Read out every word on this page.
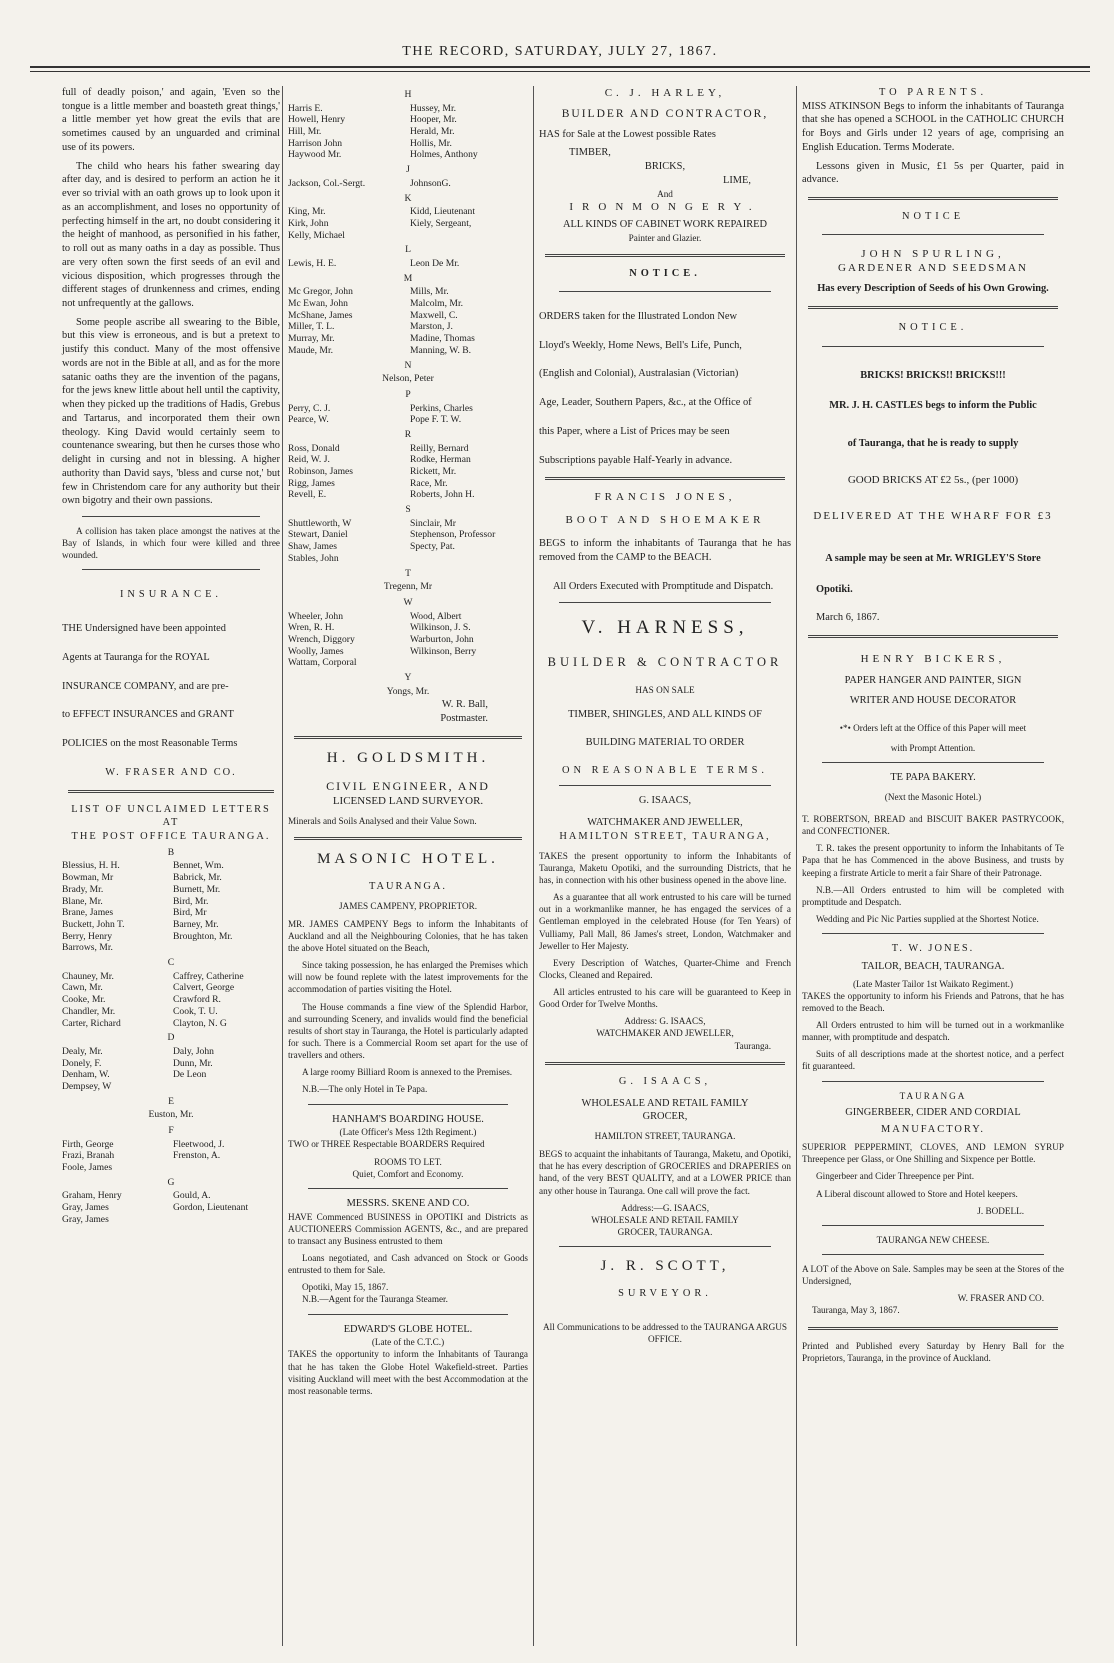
THE RECORD, SATURDAY, JULY 27, 1867.

full of deadly poison,' and again, 'Even so the tongue is a little member and boasteth great things,' a little member yet how great the evils that are sometimes caused by an unguarded and criminal use of its powers.

The child who hears his father swearing day after day, and is desired to perform an action he it ever so trivial with an oath grows up to look upon it as an accomplishment, and loses no opportunity of perfecting himself in the art, no doubt considering it the height of manhood, as personified in his father, to roll out as many oaths in a day as possible. Thus are very often sown the first seeds of an evil and vicious disposition, which progresses through the different stages of drunkenness and crimes, ending not unfrequently at the gallows.

Some people ascribe all swearing to the Bible, but this view is erroneous, and is but a pretext to justify this conduct. Many of the most offensive words are not in the Bible at all, and as for the more satanic oaths they are the invention of the pagans, for the jews knew little about hell until the captivity, when they picked up the traditions of Hadis, Grebus and Tartarus, and incorporated them their own theology. King David would certainly seem to countenance swearing, but then he curses those who delight in cursing and not in blessing. A higher authority than David says, 'bless and curse not,' but few in Christendom care for any authority but their own bigotry and their own passions.

A collision has taken place amongst the natives at the Bay of Islands, in which four were killed and three wounded.

INSURANCE.

THE Undersigned have been appointed

Agents at Tauranga for the ROYAL

INSURANCE COMPANY, and are pre-

to EFFECT INSURANCES and GRANT

POLICIES on the most Reasonable Terms

W. FRASER AND CO.
LIST OF UNCLAIMED LETTERS AT
THE POST OFFICE TAURANGA.
B
Blessius, H. H.
Bowman, Mr
Brady, Mr.
Blane, Mr.
Brane, James
Buckett, John T.
Berry, Henry
Barrows, Mr.
Bennet, Wm.
Babrick, Mr.
Burnett, Mr.
Bird, Mr.
Bird, Mr
Barney, Mr.
Broughton, Mr.
C
Chauney, Mr.
Cawn, Mr.
Cooke, Mr.
Chandler, Mr.
Carter, Richard
Caffrey, Catherine
Calvert, George
Crawford R.
Cook, T. U.
Clayton, N. G
D
Dealy, Mr.
Donely, F.
Denham, W.
Dempsey, W
Daly, John
Dunn, Mr.
De Leon
E
Euston, Mr.
F
Firth, George
Frazi, Branah
Foole, James
Fleetwood, J.
Frenston, A.
G
Graham, Henry
Gray, James
Gray, James
Gould, A.
Gordon, Lieutenant
H
Harris E.
Howell, Henry
Hill, Mr.
Harrison John
Haywood Mr.
Hussey, Mr.
Hooper, Mr.
Herald, Mr.
Hollis, Mr.
Holmes, Anthony
J
Jackson, Col.-Sergt.	JohnsonG.
K
King, Mr.
Kirk, John
Kelly, Michael
Kidd, Lieutenant
Kiely, Sergeant,
L
Lewis, H. E.	Leon De Mr.
M
Mc Gregor, John
Mc Ewan, John
McShane, James
Miller, T. L.
Murray, Mr.
Maude, Mr.
Mills, Mr.
Malcolm, Mr.
Maxwell, C.
Marston, J.
Madine, Thomas
Manning, W. B.
N
Nelson, Peter
P
Perry, C. J.
Pearce, W.
Perkins, Charles
Pope F. T. W.
R
Ross, Donald
Reid, W. J.
Robinson, James
Rigg, James
Revell, E.
Reilly, Bernard
Rodke, Herman
Rickett, Mr.
Race, Mr.
Roberts, John H.
S
Shuttleworth, W
Stewart, Daniel
Shaw, James
Stables, John
Sinclair, Mr
Stephenson, Professor
Specty, Pat.
T
Tregenn, Mr
W
Wheeler, John
Wren, R. H.
Wrench, Diggory
Woolly, James
Wattam, Corporal
Wood, Albert
Wilkinson, J. S.
Warburton, John
Wilkinson, Berry
Y
Yongs, Mr.
W. R. Ball,
Postmaster.
H. GOLDSMITH.
CIVIL ENGINEER, AND
LICENSED LAND SURVEYOR.

Minerals and Soils Analysed and their Value Sown.

MASONIC HOTEL.
TAURANGA.
JAMES CAMPENY, PROPRIETOR.

MR. JAMES CAMPENY Begs to inform the Inhabitants of Auckland and all the Neighbouring Colonies, that he has taken the above Hotel situated on the Beach,

Since taking possession, he has enlarged the Premises which will now be found replete with the latest improvements for the accommodation of parties visiting the Hotel.

The House commands a fine view of the Splendid Harbor, and surrounding Scenery, and invalids would find the beneficial results of short stay in Tauranga, the Hotel is particularly adapted for such. There is a Commercial Room set apart for the use of travellers and others.

A large roomy Billiard Room is annexed to the Premises.

N.B.—The only Hotel in Te Papa.

HANHAM'S BOARDING HOUSE.
(Late Officer's Mess 12th Regiment.)

TWO or THREE Respectable BOARDERS Required

ROOMS TO LET.
Quiet, Comfort and Economy.
MESSRS. SKENE AND CO.

HAVE Commenced BUSINESS in OPOTIKI and Districts as AUCTIONEERS Commission AGENTS, &c., and are prepared to transact any Business entrusted to them

Loans negotiated, and Cash advanced on Stock or Goods entrusted to them for Sale.

Opotiki, May 15, 1867.
N.B.—Agent for the Tauranga Steamer.
EDWARD'S GLOBE HOTEL.
(Late of the C.T.C.)

TAKES the opportunity to inform the Inhabitants of Tauranga that he has taken the Globe Hotel Wakefield-street. Parties visiting Auckland will meet with the best Accommodation at the most reasonable terms.

C. J. HARLEY,
BUILDER AND CONTRACTOR,

HAS for Sale at the Lowest possible Rates

TIMBER,
BRICKS,
LIME,
And
IRONMONGERY.
ALL KINDS OF CABINET WORK REPAIRED
Painter and Glazier.
NOTICE.

ORDERS taken for the Illustrated London New

Lloyd's Weekly, Home News, Bell's Life, Punch,

(English and Colonial), Australasian (Victorian)

Age, Leader, Southern Papers, &c., at the Office of

this Paper, where a List of Prices may be seen

Subscriptions payable Half-Yearly in advance.

FRANCIS JONES,
BOOT AND SHOEMAKER

BEGS to inform the inhabitants of Tauranga that he has removed from the CAMP to the BEACH.

All Orders Executed with Promptitude and Dispatch.

V. HARNESS,
BUILDER & CONTRACTOR
HAS ON SALE
TIMBER, SHINGLES, AND ALL KINDS OF
BUILDING MATERIAL TO ORDER
ON REASONABLE TERMS.
G. ISAACS,
WATCHMAKER AND JEWELLER,
HAMILTON STREET, TAURANGA,

TAKES the present opportunity to inform the Inhabitants of Tauranga, Maketu Opotiki, and the surrounding Districts, that he has, in connection with his other business opened in the above line.

As a guarantee that all work entrusted to his care will be turned out in a workmanlike manner, he has engaged the services of a Gentleman employed in the celebrated House (for Ten Years) of Vulliamy, Pall Mall, 86 James's street, London, Watchmaker and Jeweller to Her Majesty.

Every Description of Watches, Quarter-Chime and French Clocks, Cleaned and Repaired.

All articles entrusted to his care will be guaranteed to Keep in Good Order for Twelve Months.

Address: G. ISAACS,
WATCHMAKER AND JEWELLER,
Tauranga.
G. ISAACS,
WHOLESALE AND RETAIL FAMILY
GROCER,
HAMILTON STREET, TAURANGA.

BEGS to acquaint the inhabitants of Tauranga, Maketu, and Opotiki, that he has every description of GROCERIES and DRAPERIES on hand, of the very BEST QUALITY, and at a LOWER PRICE than any other house in Tauranga. One call will prove the fact.

Address:—G. ISAACS,
WHOLESALE AND RETAIL FAMILY
GROCER, TAURANGA.
J. R. SCOTT,
SURVEYOR.

All Communications to be addressed to the TAURANGA ARGUS OFFICE.

TO PARENTS.

MISS ATKINSON Begs to inform the inhabitants of Tauranga that she has opened a SCHOOL in the CATHOLIC CHURCH for Boys and Girls under 12 years of age, comprising an English Education. Terms Moderate.

Lessons given in Music, £1 5s per Quarter, paid in advance.

NOTICE
JOHN SPURLING,
GARDENER AND SEEDSMAN
Has every Description of Seeds of his Own Growing.
NOTICE.
BRICKS! BRICKS!! BRICKS!!!
MR. J. H. CASTLES begs to inform the Public
of Tauranga, that he is ready to supply
GOOD BRICKS AT £2 5s., (per 1000)
DELIVERED AT THE WHARF FOR £3
A sample may be seen at Mr. WRIGLEY'S Store
Opotiki.
March 6, 1867.
HENRY BICKERS,
PAPER HANGER AND PAINTER, SIGN
WRITER AND HOUSE DECORATOR
•*• Orders left at the Office of this Paper will meet
with Prompt Attention.
TE PAPA BAKERY.
(Next the Masonic Hotel.)

T. ROBERTSON, BREAD and BISCUIT BAKER PASTRYCOOK, and CONFECTIONER.

T. R. takes the present opportunity to inform the Inhabitants of Te Papa that he has Commenced in the above Business, and trusts by keeping a firstrate Article to merit a fair Share of their Patronage.

N.B.—All Orders entrusted to him will be completed with promptitude and Despatch.

Wedding and Pic Nic Parties supplied at the Shortest Notice.

T. W. JONES.
TAILOR, BEACH, TAURANGA.
(Late Master Tailor 1st Waikato Regiment.)

TAKES the opportunity to inform his Friends and Patrons, that he has removed to the Beach.

All Orders entrusted to him will be turned out in a workmanlike manner, with promptitude and despatch.

Suits of all descriptions made at the shortest notice, and a perfect fit guaranteed.

TAURANGA
GINGERBEER, CIDER AND CORDIAL
MANUFACTORY.

SUPERIOR PEPPERMINT, CLOVES, AND LEMON SYRUP Threepence per Glass, or One Shilling and Sixpence per Bottle.

Gingerbeer and Cider Threepence per Pint.

A Liberal discount allowed to Store and Hotel keepers.

J. BODELL.
TAURANGA NEW CHEESE.

A LOT of the Above on Sale. Samples may be seen at the Stores of the Undersigned,

W. FRASER AND CO.
Tauranga, May 3, 1867.

Printed and Published every Saturday by Henry Ball for the Proprietors, Tauranga, in the province of Auckland.
